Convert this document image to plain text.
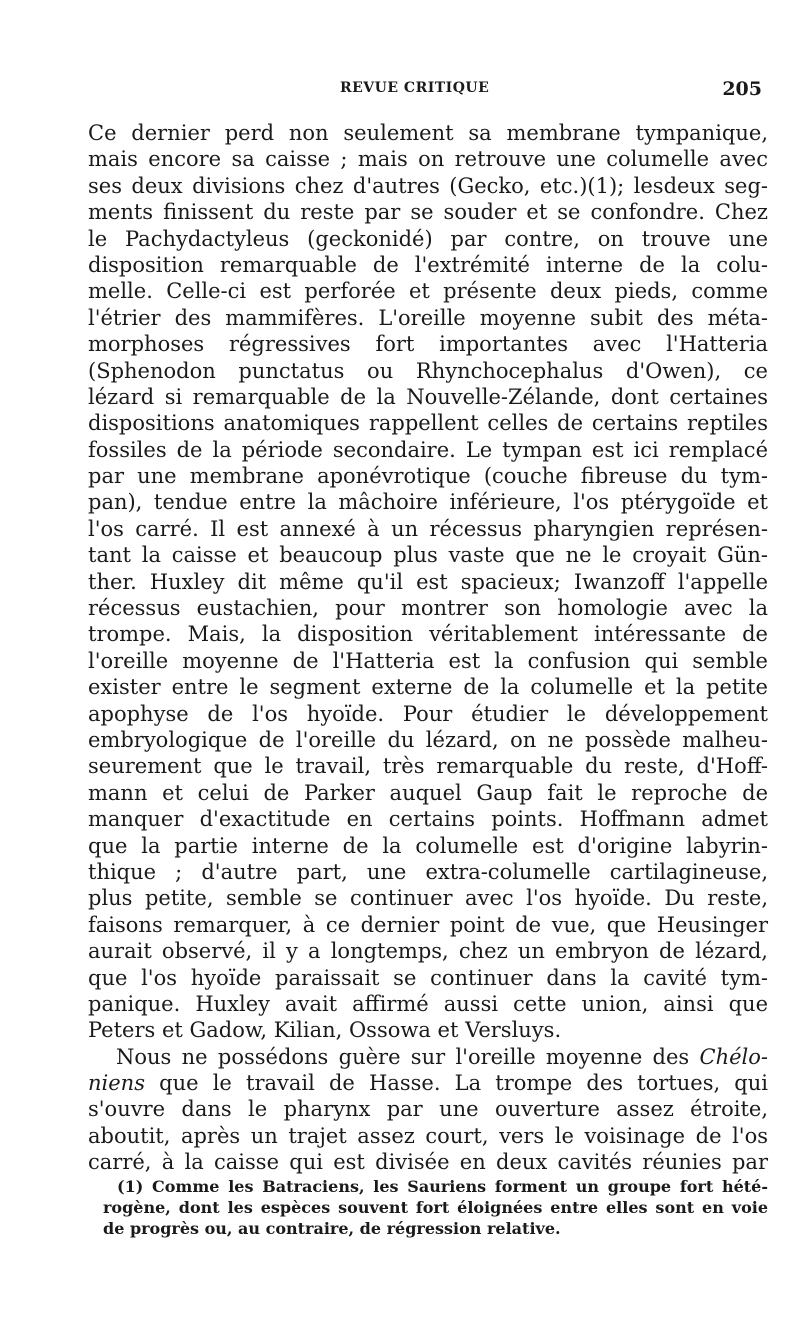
REVUE CRITIQUE	205
Ce dernier perd non seulement sa membrane tympanique,
mais encore sa caisse ; mais on retrouve une columelle avec
ses deux divisions chez d'autres (Gecko, etc.)(1); lesdeux seg-
ments finissent du reste par se souder et se confondre. Chez
le Pachydactyleus (geckonidé) par contre, on trouve une
disposition remarquable de l'extrémité interne de la colu-
melle. Celle-ci est perforée et présente deux pieds, comme
l'étrier des mammifères. L'oreille moyenne subit des méta-
morphoses régressives fort importantes avec l'Hatteria
(Sphenodon punctatus ou Rhynchocephalus d'Owen), ce
lézard si remarquable de la Nouvelle-Zélande, dont certaines
dispositions anatomiques rappellent celles de certains reptiles
fossiles de la période secondaire. Le tympan est ici remplacé
par une membrane aponévrotique (couche fibreuse du tym-
pan), tendue entre la mâchoire inférieure, l'os ptérygoïde et
l'os carré. Il est annexé à un récessus pharyngien représen-
tant la caisse et beaucoup plus vaste que ne le croyait Gün-
ther. Huxley dit même qu'il est spacieux; Iwanzoff l'appelle
récessus eustachien, pour montrer son homologie avec la
trompe. Mais, la disposition véritablement intéressante de
l'oreille moyenne de l'Hatteria est la confusion qui semble
exister entre le segment externe de la columelle et la petite
apophyse de l'os hyoïde. Pour étudier le développement
embryologique de l'oreille du lézard, on ne possède malheu-
seurement que le travail, très remarquable du reste, d'Hoff-
mann et celui de Parker auquel Gaup fait le reproche de
manquer d'exactitude en certains points. Hoffmann admet
que la partie interne de la columelle est d'origine labyrin-
thique ; d'autre part, une extra-columelle cartilagineuse,
plus petite, semble se continuer avec l'os hyoïde. Du reste,
faisons remarquer, à ce dernier point de vue, que Heusinger
aurait observé, il y a longtemps, chez un embryon de lézard,
que l'os hyoïde paraissait se continuer dans la cavité tym-
panique. Huxley avait affirmé aussi cette union, ainsi que
Peters et Gadow, Kilian, Ossowa et Versluys.
Nous ne possédons guère sur l'oreille moyenne des Chélo-
niens que le travail de Hasse. La trompe des tortues, qui
s'ouvre dans le pharynx par une ouverture assez étroite,
aboutit, après un trajet assez court, vers le voisinage de l'os
carré, à la caisse qui est divisée en deux cavités réunies par
(1) Comme les Batraciens, les Sauriens forment un groupe fort hété-
rogène, dont les espèces souvent fort éloignées entre elles sont en voie
de progrès ou, au contraire, de régression relative.
